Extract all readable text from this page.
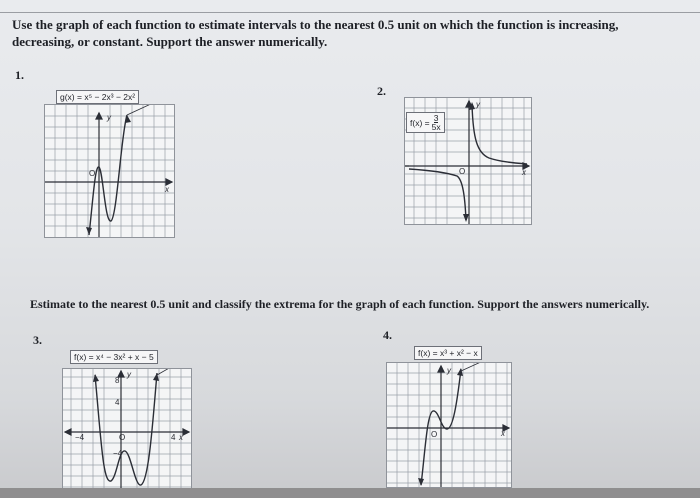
Use the graph of each function to estimate intervals to the nearest 0.5 unit on which the function is increasing, decreasing, or constant. Support the answer numerically.
1.
y
x
O
g(x) = x⁵ − 2x³ − 2x²	2.
y
x
O
$f(x) = \frac{3}{5x}$
Estimate to the nearest 0.5 unit and classify the extrema for the graph of each function. Support the answers numerically.
3.
y
8
4
−4	4 x
O
−4
f(x) = x⁴ − 3x² + x − 5
4.
y
x
O
f(x) = x³ + x² − x
